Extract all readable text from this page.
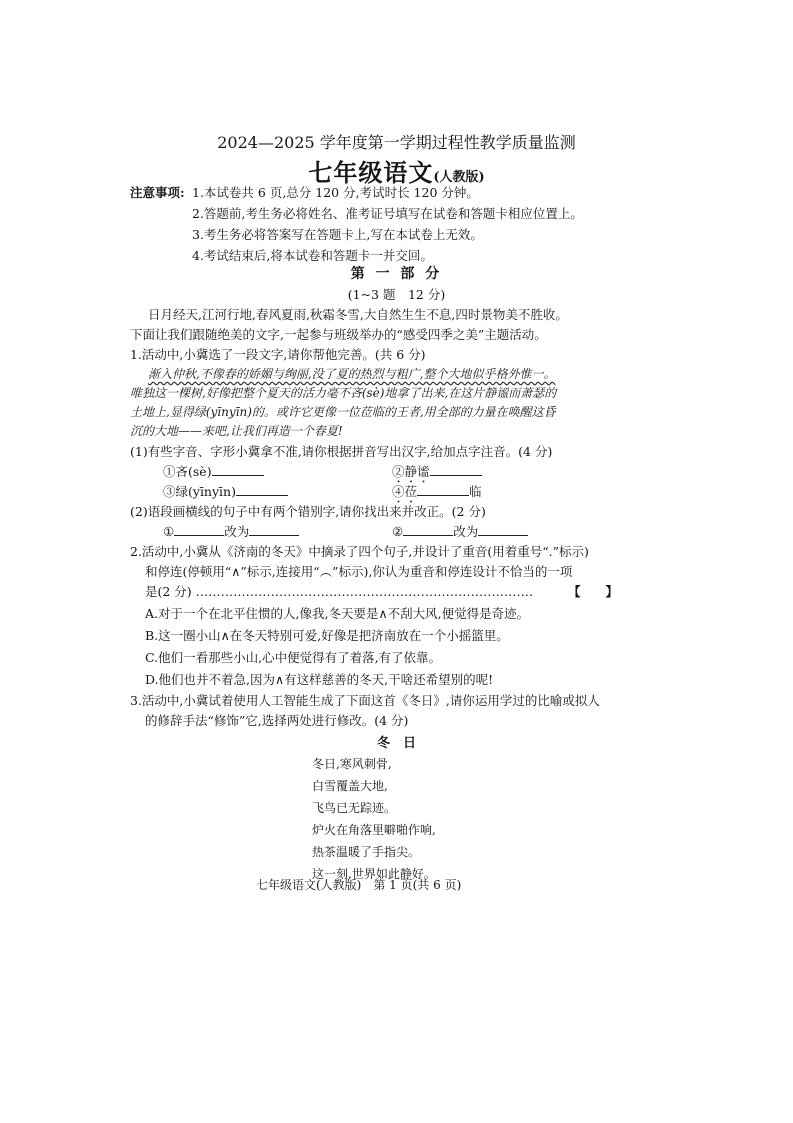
2024—2025 学年度第一学期过程性教学质量监测
七年级语文(人教版)
注意事项: 1.本试卷共 6 页,总分 120 分,考试时长 120 分钟。
2.答题前,考生务必将姓名、准考证号填写在试卷和答题卡相应位置上。
3.考生务必将答案写在答题卡上,写在本试卷上无效。
4.考试结束后,将本试卷和答题卡一并交回。
第 一 部 分
(1~3 题　12 分)
日月经天,江河行地,春风夏雨,秋霜冬雪,大自然生生不息,四时景物美不胜收。
下面让我们跟随绝美的文字,一起参与班级举办的“感受四季之美”主题活动。
1.活动中,小冀选了一段文字,请你帮他完善。(共 6 分)
渐入仲秋,不像春的娇媚与绚丽,没了夏的热烈与粗广,整个大地似乎格外惟一。
唯独这一棵树,好像把整个夏天的活力毫不吝(sè)地拿了出来,在这片静谧而萧瑟的
土地上,显得绿(yīnyīn)的。或许它更像一位莅临的王者,用全部的力量在唤醒这昏
沉的大地——来吧,让我们再造一个春夏!
(1)有些字音、字形小冀拿不准,请你根据拼音写出汉字,给加点字注音。(4 分)
①吝(sè)	②静谧
③绿(yīnyīn)	④莅	临
(2)语段画横线的句子中有两个错别字,请你找出来并改正。(2 分)
①	改为	②	改为
2.活动中,小冀从《济南的冬天》中摘录了四个句子,并设计了重音(用着重号“.”标示)
和停连(停顿用“∧”标示,连接用“︵”标示),你认为重音和停连设计不恰当的一项
是(2 分) ………………………………………………………………………	【　　】
A.对于一个在北平住惯的人,像我,冬天要是∧不刮大风,便觉得是奇迹。
B.这一圈小山∧在冬天特别可爱,好像是把济南放在一个小摇篮里。
C.他们一看那些小山,心中便觉得有了着落,有了依靠。
D.他们也并不着急,因为∧有这样慈善的冬天,干啥还希望别的呢!
3.活动中,小冀试着使用人工智能生成了下面这首《冬日》,请你运用学过的比喻或拟人
的修辞手法“修饰”它,选择两处进行修改。(4 分)
冬　日
冬日,寒风刺骨,
白雪覆盖大地,
飞鸟已无踪迹。
炉火在角落里噼啪作响,
热茶温暖了手指尖。
这一刻,世界如此静好。
七年级语文(人教版)　第 1 页(共 6 页)
